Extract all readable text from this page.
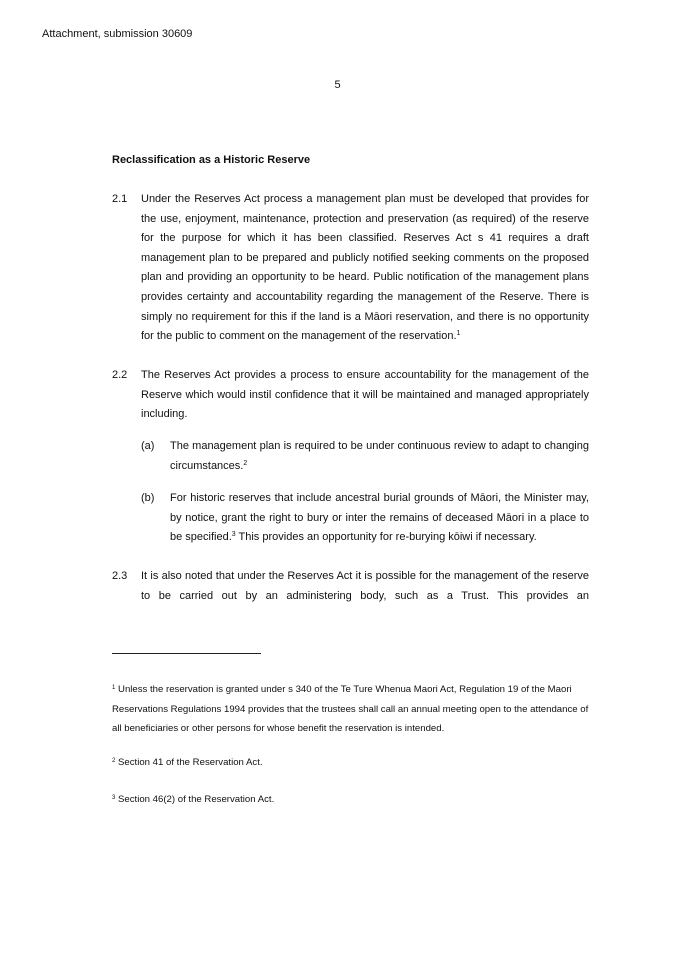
Attachment, submission 30609
5
Reclassification as a Historic Reserve
2.1 Under the Reserves Act process a management plan must be developed that provides for the use, enjoyment, maintenance, protection and preservation (as required) of the reserve for the purpose for which it has been classified. Reserves Act s 41 requires a draft management plan to be prepared and publicly notified seeking comments on the proposed plan and providing an opportunity to be heard. Public notification of the management plans provides certainty and accountability regarding the management of the Reserve. There is simply no requirement for this if the land is a Māori reservation, and there is no opportunity for the public to comment on the management of the reservation.$^1$
2.2 The Reserves Act provides a process to ensure accountability for the management of the Reserve which would instil confidence that it will be maintained and managed appropriately including.
(a) The management plan is required to be under continuous review to adapt to changing circumstances.$^2$
(b) For historic reserves that include ancestral burial grounds of Māori, the Minister may, by notice, grant the right to bury or inter the remains of deceased Māori in a place to be specified.$^3$ This provides an opportunity for re-burying kōiwi if necessary.
2.3 It is also noted that under the Reserves Act it is possible for the management of the reserve to be carried out by an administering body, such as a Trust. This provides an
$^1$ Unless the reservation is granted under s 340 of the Te Ture Whenua Maori Act, Regulation 19 of the Maori Reservations Regulations 1994 provides that the trustees shall call an annual meeting open to the attendance of all beneficiaries or other persons for whose benefit the reservation is intended.
$^2$ Section 41 of the Reservation Act.
$^3$ Section 46(2) of the Reservation Act.
